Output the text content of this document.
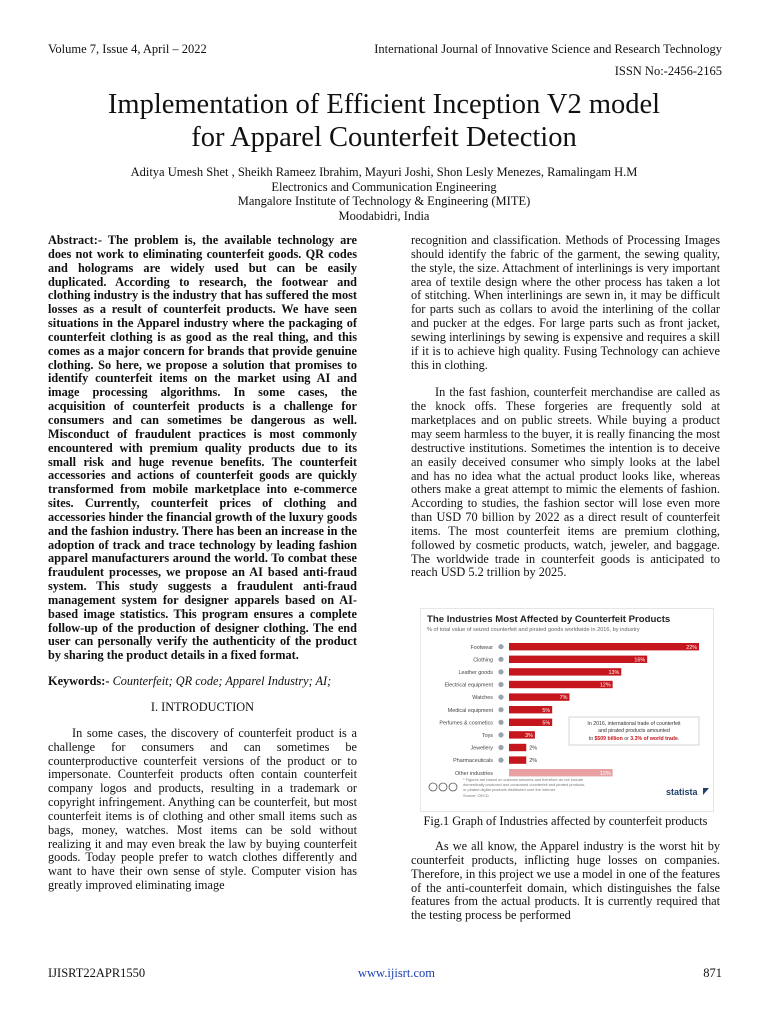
Volume 7, Issue 4, April – 2022	International Journal of Innovative Science and Research Technology
ISSN No:-2456-2165
Implementation of Efficient Inception V2 model
for Apparel Counterfeit Detection
Aditya Umesh Shet , Sheikh Rameez Ibrahim, Mayuri Joshi, Shon Lesly Menezes, Ramalingam H.M
Electronics and Communication Engineering
Mangalore Institute of Technology & Engineering (MITE)
Moodabidri, India

Abstract:- The problem is, the available technology are does not work to eliminating counterfeit goods. QR codes and holograms are widely used but can be easily duplicated. According to research, the footwear and clothing industry is the industry that has suffered the most losses as a result of counterfeit products. We have seen situations in the Apparel industry where the packaging of counterfeit clothing is as good as the real thing, and this comes as a major concern for brands that provide genuine clothing. So here, we propose a solution that promises to identify counterfeit items on the market using AI and image processing algorithms. In some cases, the acquisition of counterfeit products is a challenge for consumers and can sometimes be dangerous as well. Misconduct of fraudulent practices is most commonly encountered with premium quality products due to its small risk and huge revenue benefits. The counterfeit accessories and actions of counterfeit goods are quickly transformed from mobile marketplace into e-commerce sites. Currently, counterfeit prices of clothing and accessories hinder the financial growth of the luxury goods and the fashion industry. There has been an increase in the adoption of track and trace technology by leading fashion apparel manufacturers around the world. To combat these fraudulent processes, we propose an AI based anti-fraud system. This study suggests a fraudulent anti-fraud management system for designer apparels based on AI-based image statistics. This program ensures a complete follow-up of the production of designer clothing. The end user can personally verify the authenticity of the product by sharing the product details in a fixed format.

Keywords:- Counterfeit; QR code; Apparel Industry; AI;

I. INTRODUCTION

In some cases, the discovery of counterfeit product is a challenge for consumers and can sometimes be counterproductive counterfeit versions of the product or to impersonate. Counterfeit products often contain counterfeit company logos and products, resulting in a trademark or copyright infringement. Anything can be counterfeit, but most counterfeit items is of clothing and other small items such as bags, money, watches. Most items can be sold without realizing it and may even break the law by buying counterfeit goods. Today people prefer to watch clothes differently and want to have their own sense of style. Computer vision has greatly improved eliminating image

recognition and classification. Methods of Processing Images should identify the fabric of the garment, the sewing quality, the style, the size. Attachment of interlinings is very important area of textile design where the other process has taken a lot of stitching. When interlinings are sewn in, it may be difficult for parts such as collars to avoid the interlining of the collar and pucker at the edges. For large parts such as front jacket, sewing interlinings by sewing is expensive and requires a skill if it is to achieve high quality. Fusing Technology can achieve this in clothing.

In the fast fashion, counterfeit merchandise are called as the knock offs. These forgeries are frequently sold at marketplaces and on public streets. While buying a product may seem harmless to the buyer, it is really financing the most destructive institutions. Sometimes the intention is to deceive an easily deceived consumer who simply looks at the label and has no idea what the actual product looks like, whereas others make a great attempt to mimic the elements of fashion. According to studies, the fashion sector will lose even more than USD 70 billion by 2022 as a direct result of counterfeit items. The most counterfeit items are premium clothing, followed by cosmetic products, watch, jeweler, and baggage. The worldwide trade in counterfeit goods is anticipated to reach USD 5.2 trillion by 2025.

The Industries Most Affected by Counterfeit Products
% of total value of seized counterfeit and pirated goods worldwide in 2016, by industry
Footwear	22%
Clothing	16%
Leather goods	13%
Electrical equipment	12%
Watches	7%
Medical equipment	5%
Perfumes & cosmetics	5%
Toys	3%
Jewellery	2%
Pharmaceuticals	2%
Other industries	12%
In 2016, international trade of counterfeit
and pirated products amounted
to $509 billion or 3.3% of world trade.
* Figures are based on customs seizures and therefore do not include
domestically produced and consumed counterfeit and pirated products,
or pirated digital products distributed over the internet.
Source: OECD	statista
Fig.1 Graph of Industries affected by counterfeit products

As we all know, the Apparel industry is the worst hit by counterfeit products, inflicting huge losses on companies. Therefore, in this project we use a model in one of the features of the anti-counterfeit domain, which distinguishes the false features from the actual products. It is currently required that the testing process be performed

IJISRT22APR1550	www.ijisrt.com	871
